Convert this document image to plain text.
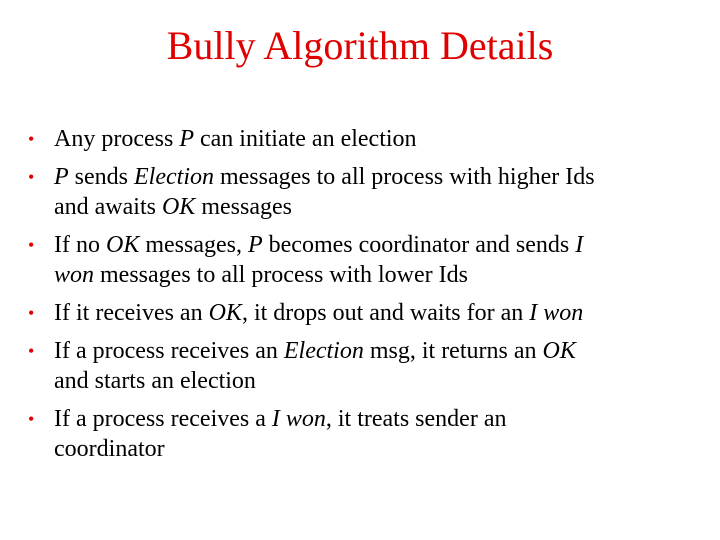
Bully Algorithm Details
• Any process P can initiate an election
• P sends Election messages to all process with higher Ids
and awaits OK messages
• If no OK messages, P becomes coordinator and sends I
won messages to all process with lower Ids
• If it receives an OK, it drops out and waits for an I won
• If a process receives an Election msg, it returns an OK
and starts an election
• If a process receives a I won, it treats sender an
coordinator
